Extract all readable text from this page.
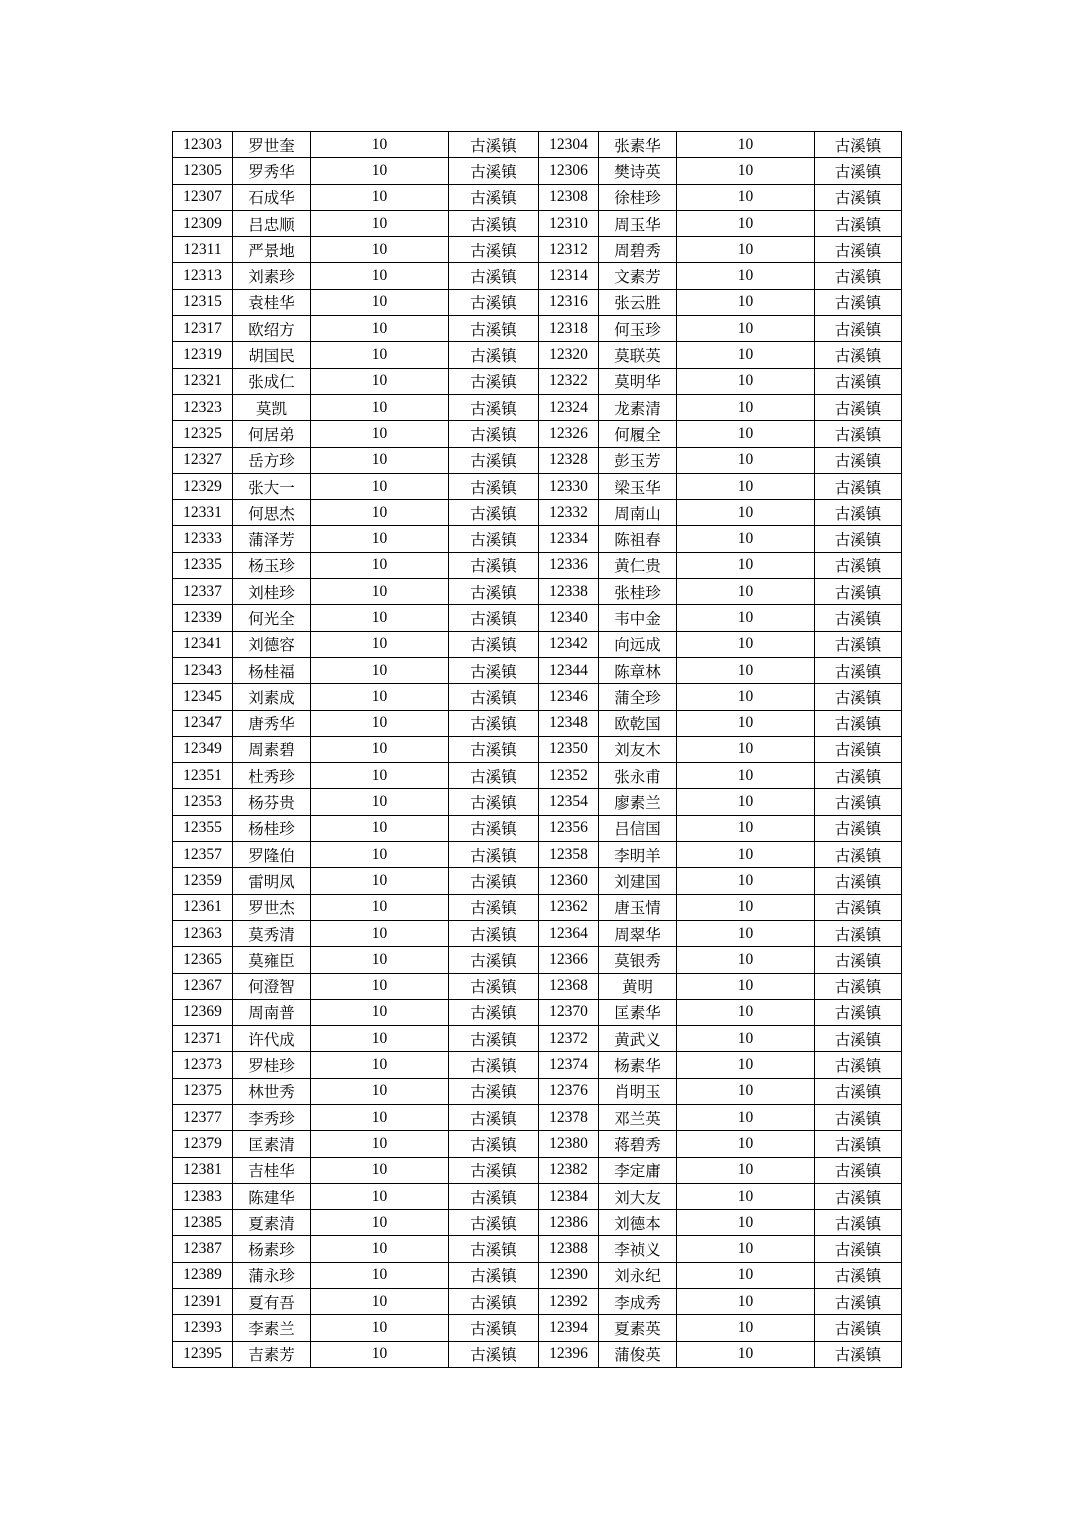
12303	罗世奎	10	古溪镇	12304	张素华	10	古溪镇
12305	罗秀华	10	古溪镇	12306	樊诗英	10	古溪镇
12307	石成华	10	古溪镇	12308	徐桂珍	10	古溪镇
12309	吕忠顺	10	古溪镇	12310	周玉华	10	古溪镇
12311	严景地	10	古溪镇	12312	周碧秀	10	古溪镇
12313	刘素珍	10	古溪镇	12314	文素芳	10	古溪镇
12315	袁桂华	10	古溪镇	12316	张云胜	10	古溪镇
12317	欧绍方	10	古溪镇	12318	何玉珍	10	古溪镇
12319	胡国民	10	古溪镇	12320	莫联英	10	古溪镇
12321	张成仁	10	古溪镇	12322	莫明华	10	古溪镇
12323	莫凯	10	古溪镇	12324	龙素清	10	古溪镇
12325	何居弟	10	古溪镇	12326	何履全	10	古溪镇
12327	岳方珍	10	古溪镇	12328	彭玉芳	10	古溪镇
12329	张大一	10	古溪镇	12330	梁玉华	10	古溪镇
12331	何思杰	10	古溪镇	12332	周南山	10	古溪镇
12333	蒲泽芳	10	古溪镇	12334	陈祖春	10	古溪镇
12335	杨玉珍	10	古溪镇	12336	黄仁贵	10	古溪镇
12337	刘桂珍	10	古溪镇	12338	张桂珍	10	古溪镇
12339	何光全	10	古溪镇	12340	韦中金	10	古溪镇
12341	刘德容	10	古溪镇	12342	向远成	10	古溪镇
12343	杨桂福	10	古溪镇	12344	陈章林	10	古溪镇
12345	刘素成	10	古溪镇	12346	蒲全珍	10	古溪镇
12347	唐秀华	10	古溪镇	12348	欧乾国	10	古溪镇
12349	周素碧	10	古溪镇	12350	刘友木	10	古溪镇
12351	杜秀珍	10	古溪镇	12352	张永甫	10	古溪镇
12353	杨芬贵	10	古溪镇	12354	廖素兰	10	古溪镇
12355	杨桂珍	10	古溪镇	12356	吕信国	10	古溪镇
12357	罗隆伯	10	古溪镇	12358	李明羊	10	古溪镇
12359	雷明凤	10	古溪镇	12360	刘建国	10	古溪镇
12361	罗世杰	10	古溪镇	12362	唐玉情	10	古溪镇
12363	莫秀清	10	古溪镇	12364	周翠华	10	古溪镇
12365	莫雍臣	10	古溪镇	12366	莫银秀	10	古溪镇
12367	何澄智	10	古溪镇	12368	黄明	10	古溪镇
12369	周南普	10	古溪镇	12370	匡素华	10	古溪镇
12371	许代成	10	古溪镇	12372	黄武义	10	古溪镇
12373	罗桂珍	10	古溪镇	12374	杨素华	10	古溪镇
12375	林世秀	10	古溪镇	12376	肖明玉	10	古溪镇
12377	李秀珍	10	古溪镇	12378	邓兰英	10	古溪镇
12379	匡素清	10	古溪镇	12380	蒋碧秀	10	古溪镇
12381	吉桂华	10	古溪镇	12382	李定庸	10	古溪镇
12383	陈建华	10	古溪镇	12384	刘大友	10	古溪镇
12385	夏素清	10	古溪镇	12386	刘德本	10	古溪镇
12387	杨素珍	10	古溪镇	12388	李祯义	10	古溪镇
12389	蒲永珍	10	古溪镇	12390	刘永纪	10	古溪镇
12391	夏有吾	10	古溪镇	12392	李成秀	10	古溪镇
12393	李素兰	10	古溪镇	12394	夏素英	10	古溪镇
12395	吉素芳	10	古溪镇	12396	蒲俊英	10	古溪镇
